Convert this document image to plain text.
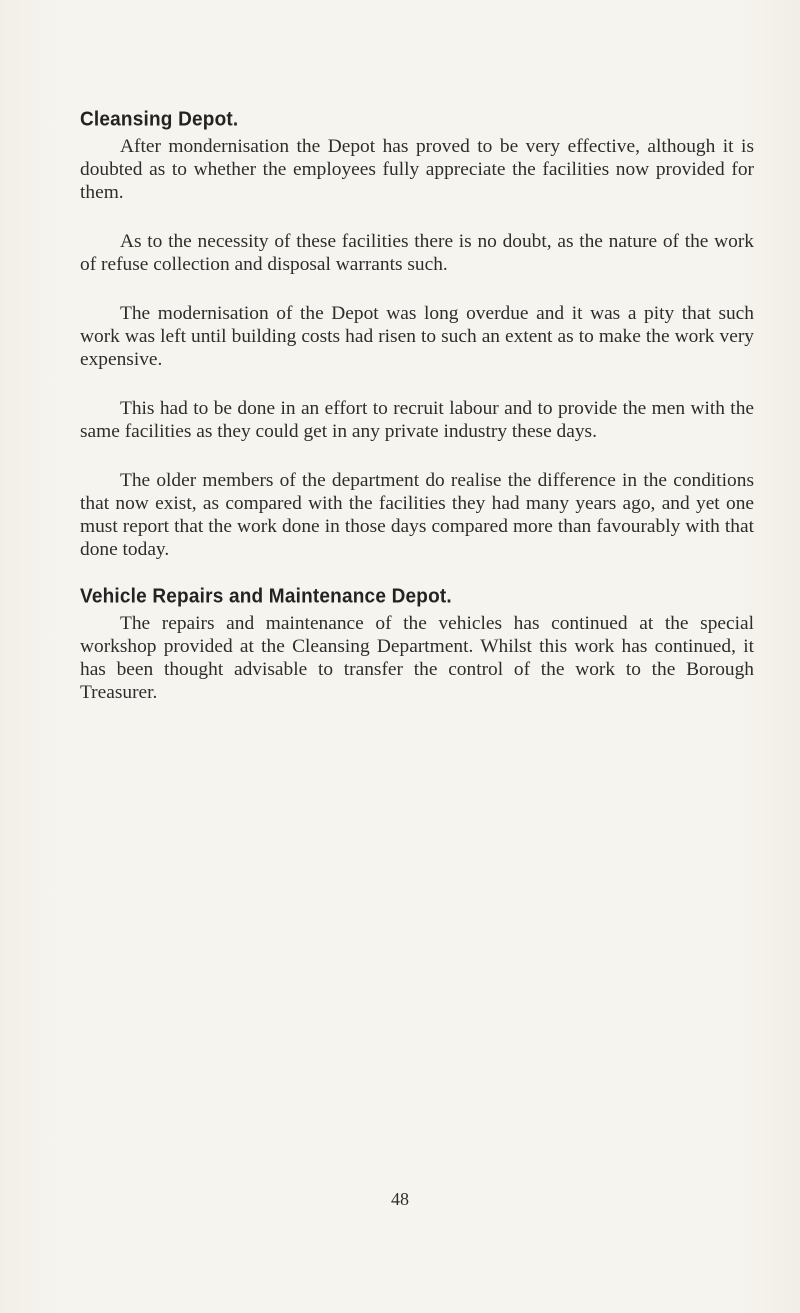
Cleansing Depot.

After mondernisation the Depot has proved to be very effective, although it is doubted as to whether the employees fully appreciate the facilities now provided for them.

As to the necessity of these facilities there is no doubt, as the nature of the work of refuse collection and disposal warrants such.

The modernisation of the Depot was long overdue and it was a pity that such work was left until building costs had risen to such an extent as to make the work very expensive.

This had to be done in an effort to recruit labour and to provide the men with the same facilities as they could get in any private industry these days.

The older members of the department do realise the difference in the conditions that now exist, as compared with the facilities they had many years ago, and yet one must report that the work done in those days compared more than favourably with that done today.

Vehicle Repairs and Maintenance Depot.

The repairs and maintenance of the vehicles has continued at the special workshop provided at the Cleansing Department. Whilst this work has continued, it has been thought advisable to transfer the control of the work to the Borough Treasurer.

48
